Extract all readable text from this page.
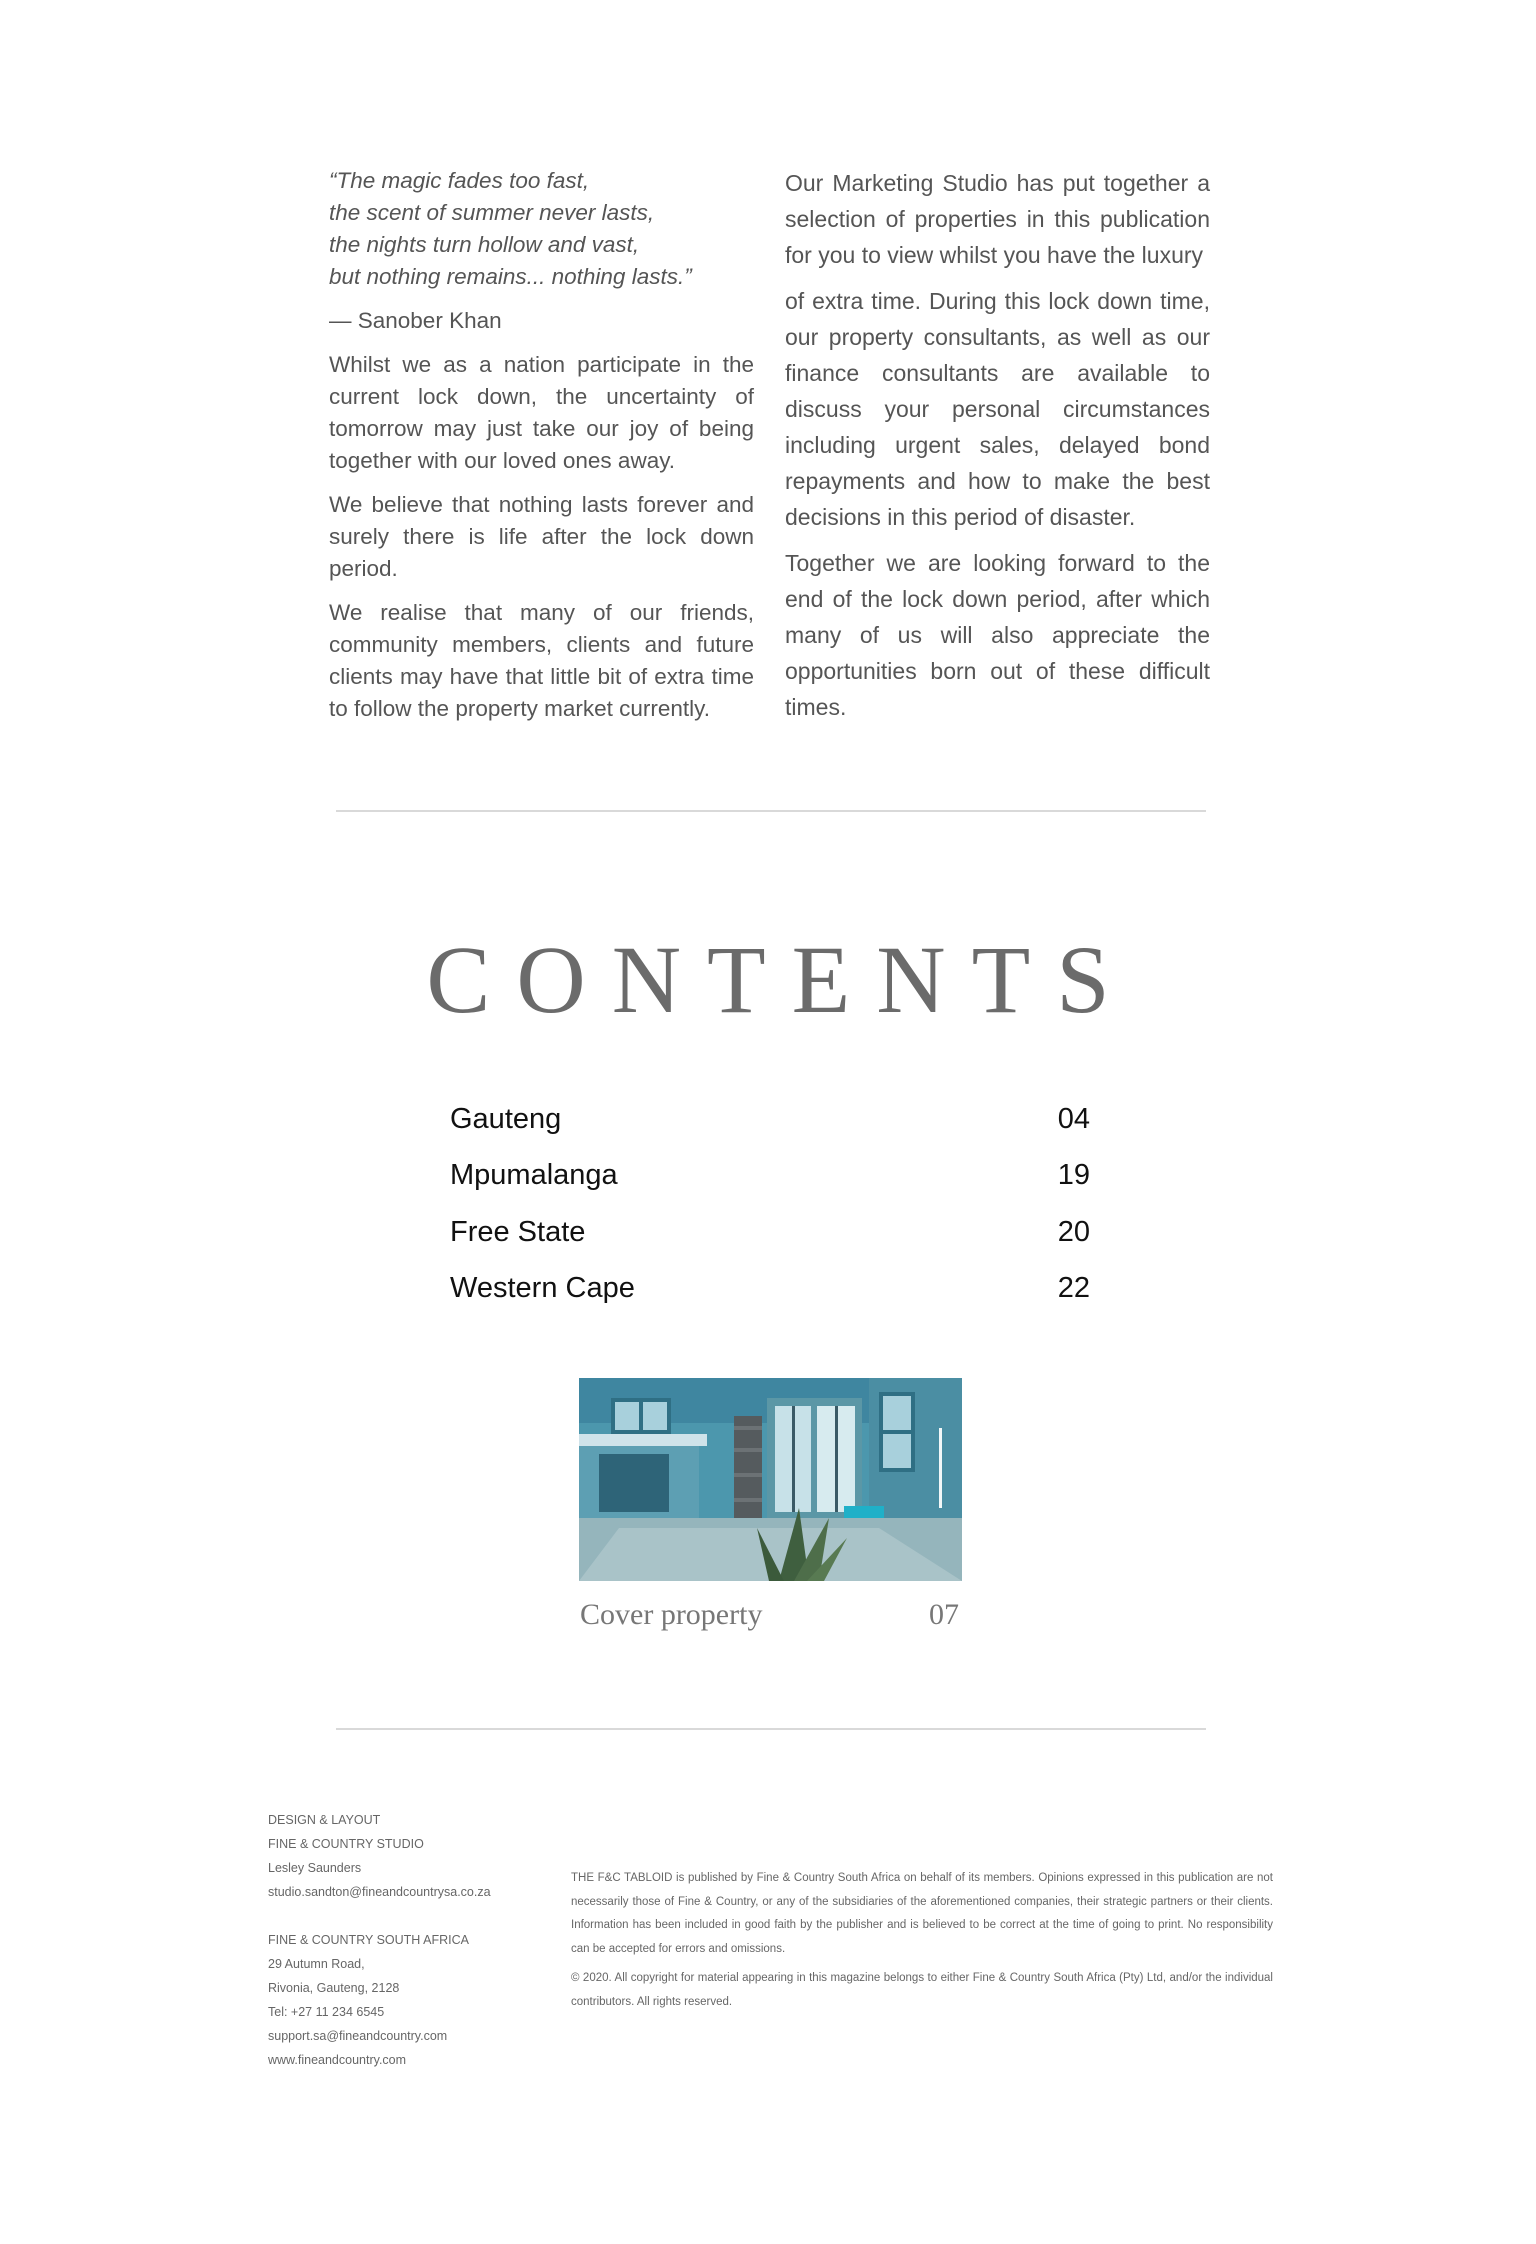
“The magic fades too fast,
the scent of summer never lasts,
the nights turn hollow and vast,
but nothing remains... nothing lasts.”

— Sanober Khan

Whilst we as a nation participate in the current lock down, the uncertainty of tomorrow may just take our joy of being together with our loved ones away.

We believe that nothing lasts forever and surely there is life after the lock down period.

We realise that many of our friends, community members, clients and future clients may have that little bit of extra time to follow the property market currently.

Our Marketing Studio has put together a selection of properties in this publication for you to view whilst you have the luxury

of extra time. During this lock down time, our property consultants, as well as our finance consultants are available to discuss your personal circumstances including urgent sales, delayed bond repayments and how to make the best decisions in this period of disaster.

Together we are looking forward to the end of the lock down period, after which many of us will also appreciate the opportunities born out of these difficult times.

CONTENTS
Gauteng	04
Mpumalanga	19
Free State	20
Western Cape	22
Cover property	07
DESIGN & LAYOUT
FINE & COUNTRY STUDIO
Lesley Saunders
studio.sandton@fineandcountrysa.co.za
FINE & COUNTRY SOUTH AFRICA
29 Autumn Road,
Rivonia, Gauteng, 2128
Tel: +27 11 234 6545
support.sa@fineandcountry.com
www.fineandcountry.com

THE F&C TABLOID is published by Fine & Country South Africa on behalf of its members. Opinions expressed in this publication are not necessarily those of Fine & Country, or any of the subsidiaries of the aforementioned companies, their strategic partners or their clients. Information has been included in good faith by the publisher and is believed to be correct at the time of going to print. No responsibility can be accepted for errors and omissions.

© 2020. All copyright for material appearing in this magazine belongs to either Fine & Country South Africa (Pty) Ltd, and/or the individual contributors. All rights reserved.
